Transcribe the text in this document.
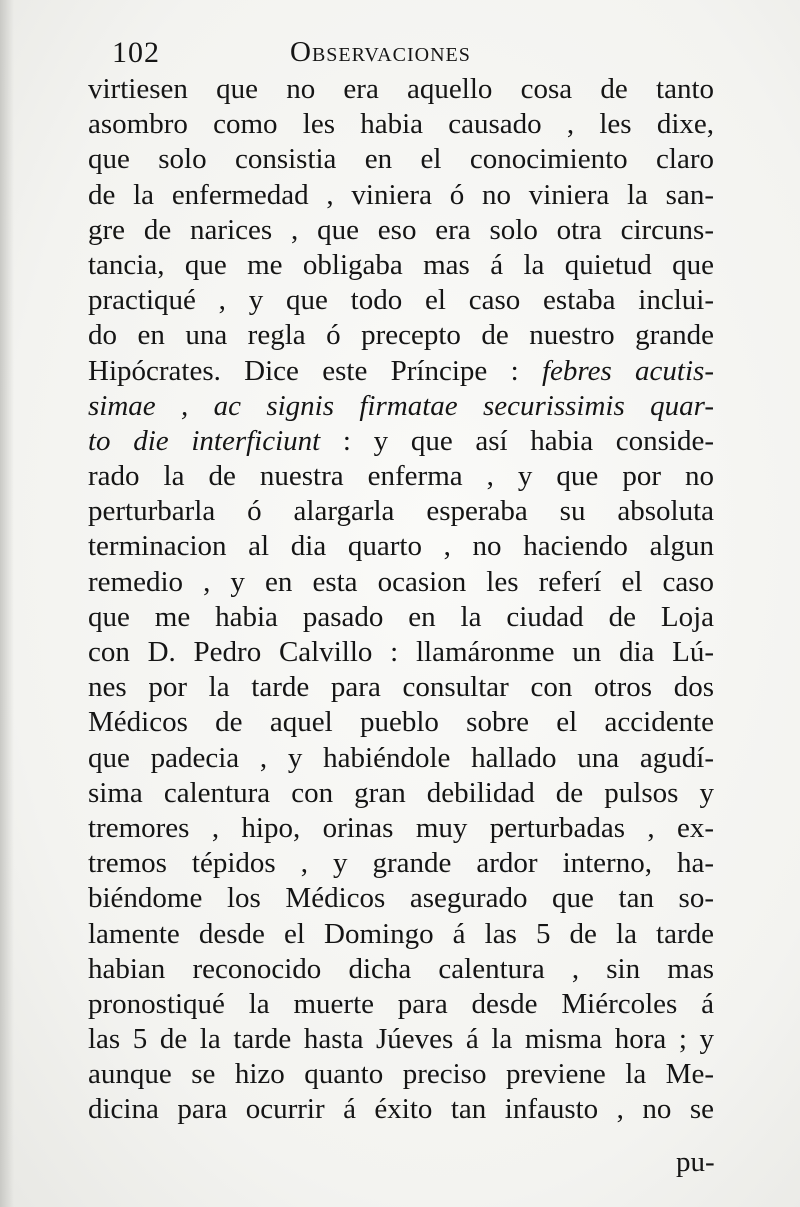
102	Observaciones
virtiesen que no era aquello cosa de tanto
asombro como les habia causado , les dixe,
que solo consistia en el conocimiento claro
de la enfermedad , viniera ó no viniera la san-
gre de narices , que eso era solo otra circuns-
tancia, que me obligaba mas á la quietud que
practiqué , y que todo el caso estaba inclui-
do en una regla ó precepto de nuestro grande
Hipócrates. Dice este Príncipe : febres acutis-
simae , ac signis firmatae securissimis quar-
to die interficiunt : y que así habia conside-
rado la de nuestra enferma , y que por no
perturbarla ó alargarla esperaba su absoluta
terminacion al dia quarto , no haciendo algun
remedio , y en esta ocasion les referí el caso
que me habia pasado en la ciudad de Loja
con D. Pedro Calvillo : llamáronme un dia Lú-
nes por la tarde para consultar con otros dos
Médicos de aquel pueblo sobre el accidente
que padecia , y habiéndole hallado una agudí-
sima calentura con gran debilidad de pulsos y
tremores , hipo, orinas muy perturbadas , ex-
tremos tépidos , y grande ardor interno, ha-
biéndome los Médicos asegurado que tan so-
lamente desde el Domingo á las 5 de la tarde
habian reconocido dicha calentura , sin mas
pronostiqué la muerte para desde Miércoles á
las 5 de la tarde hasta Júeves á la misma hora ; y
aunque se hizo quanto preciso previene la Me-
dicina para ocurrir á éxito tan infausto , no se
pu-
